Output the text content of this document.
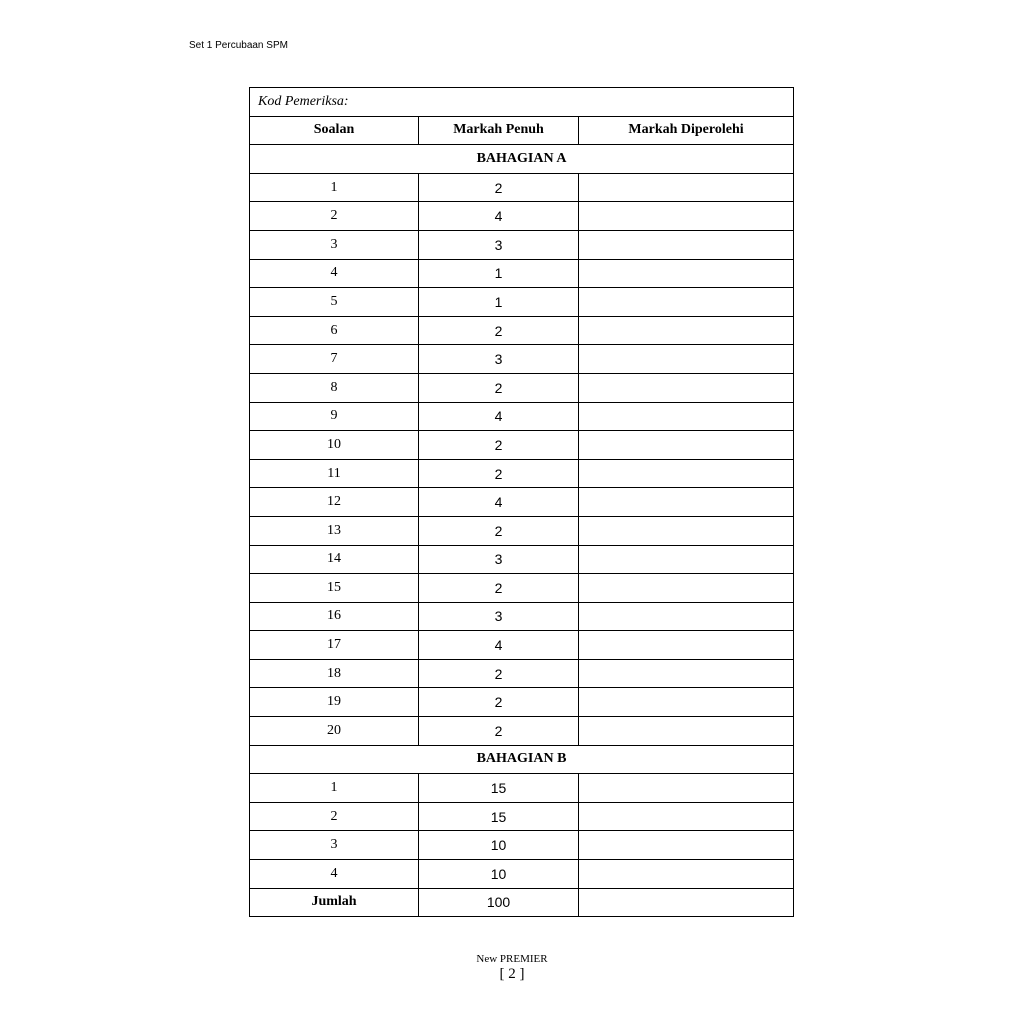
Set 1 Percubaan SPM
Kod Pemeriksa:		
Soalan	Markah Penuh	Markah Diperolehi
BAHAGIAN A		
1	2	
2	4	
3	3	
4	1	
5	1	
6	2	
7	3	
8	2	
9	4	
10	2	
11	2	
12	4	
13	2	
14	3	
15	2	
16	3	
17	4	
18	2	
19	2	
20	2	
BAHAGIAN B		
1	15	
2	15	
3	10	
4	10	
Jumlah	100	
New PREMIER
[ 2 ]
